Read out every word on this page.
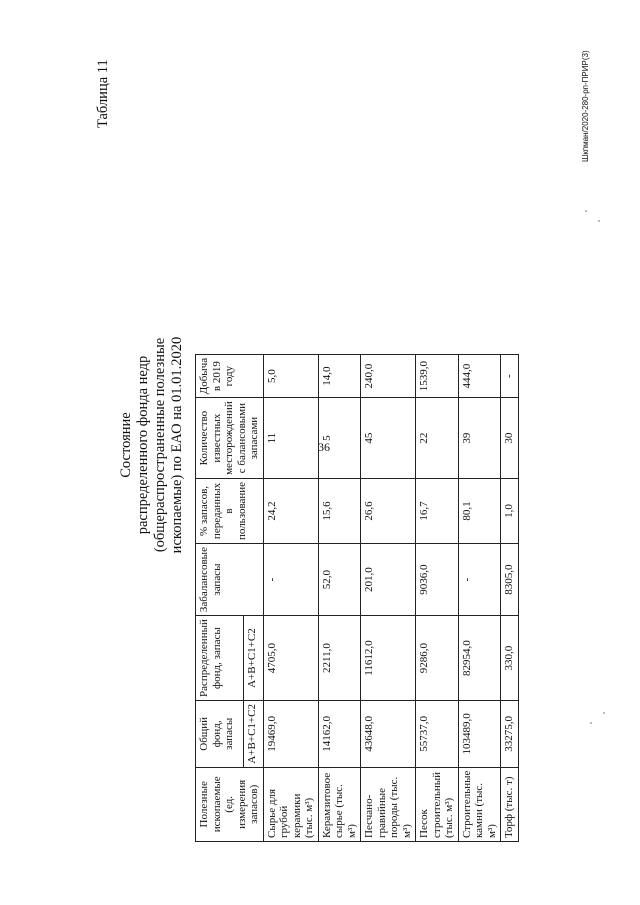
36
Таблица 11	Шкпман/2020-280-рп-ПРИР(3)
Состояние распределенного фонда недр (общераспространенные полезные ископаемые) по ЕАО на 01.01.2020
Полезные ископаемые (ед. измерения запасов)	Общий фонд, запасы	Распределенный фонд, запасы	Забалансовые запасы	% запасов, переданных в пользование	Количество известных месторождений с балансовыми запасами	Добыча в 2019 году
	A+B+C1+C2	A+B+C1+C2				
Сырье для грубой керамики (тыс. м³)	19469,0	4705,0	-	24,2	11	5,0
Керамзитовое сырье (тыс. м³)	14162,0	2211,0	52,0	15,6	5	14,0
Песчано-гравийные породы (тыс. м³)	43648,0	11612,0	201,0	26,6	45	240,0
Песок строительный (тыс. м³)	55737,0	9286,0	9036,0	16,7	22	1539,0
Строительные камни (тыс. м³)	103489,0	82954,0	-	80,1	39	444,0
Торф (тыс. т)	33275,0	330,0	8305,0	1,0	30	-
